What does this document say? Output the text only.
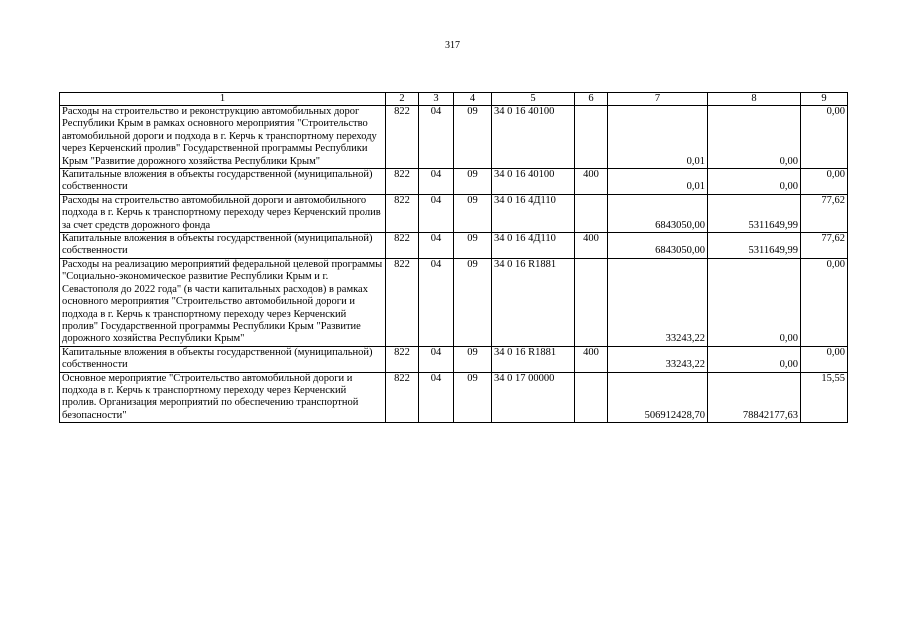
317
1	2	3	4	5	6	7	8	9
Расходы на строительство и реконструкцию автомобильных дорог Республики Крым в рамках основного мероприятия "Строительство автомобильной дороги и подхода в г. Керчь к транспортному переходу через Керченский пролив" Государственной программы Республики Крым "Развитие дорожного хозяйства Республики Крым"	822	04	09	34 0 16 40100		0,01	0,00	0,00
Капитальные вложения в объекты государственной (муниципальной) собственности	822	04	09	34 0 16 40100	400	0,01	0,00	0,00
Расходы на строительство автомобильной дороги и автомобильного подхода в г. Керчь к транспортному переходу через Керченский пролив за счет средств дорожного фонда	822	04	09	34 0 16 4Д110		6843050,00	5311649,99	77,62
Капитальные вложения в объекты государственной (муниципальной) собственности	822	04	09	34 0 16 4Д110	400	6843050,00	5311649,99	77,62
Расходы на реализацию мероприятий федеральной целевой программы "Социально-экономическое развитие Республики Крым и г. Севастополя до 2022 года" (в части капитальных расходов) в рамках основного мероприятия "Строительство автомобильной дороги и подхода в г. Керчь к транспортному переходу через Керченский пролив" Государственной программы Республики Крым "Развитие дорожного хозяйства Республики Крым"	822	04	09	34 0 16 R1881		33243,22	0,00	0,00
Капитальные вложения в объекты государственной (муниципальной) собственности	822	04	09	34 0 16 R1881	400	33243,22	0,00	0,00
Основное мероприятие "Строительство автомобильной дороги и подхода в г. Керчь к транспортному переходу через Керченский пролив. Организация мероприятий по обеспечению транспортной безопасности"	822	04	09	34 0 17 00000		506912428,70	78842177,63	15,55
